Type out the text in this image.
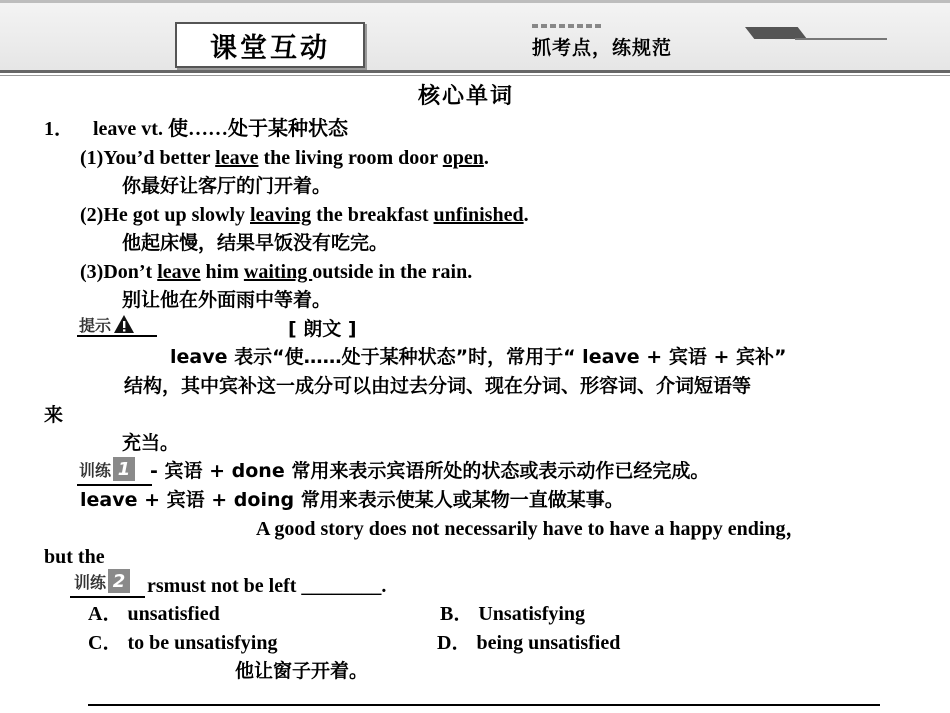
课堂互动	抓考点，练规范
核心单词
1． leave vt. 使……处于某种状态
(1)You’d better leave the living room door open.
你最好让客厅的门开着。
(2)He got up slowly leaving the breakfast unfinished.
他起床慢，结果早饭没有吃完。
(3)Don’t leave him waiting outside in the rain.
别让他在外面雨中等着。
提示	[ 朗文 ]
leave 表示“使……处于某种状态”时，常用于“ leave + 宾语 + 宾补”
结构，其中宾补这一成分可以由过去分词、现在分词、形容词、介词短语等
来
充当。
训练 1 - 宾语 + done 常用来表示宾语所处的状态或表示动作已经完成。
leave + 宾语 + doing 常用来表示使某人或某物一直做某事。
A good story does not necessarily have to have a happy ending，
but the
训练 2 rsmust not be left ________.
A． unsatisfied	B． Unsatisfying
C． to be unsatisfying	D． being unsatisfied
他让窗子开着。
